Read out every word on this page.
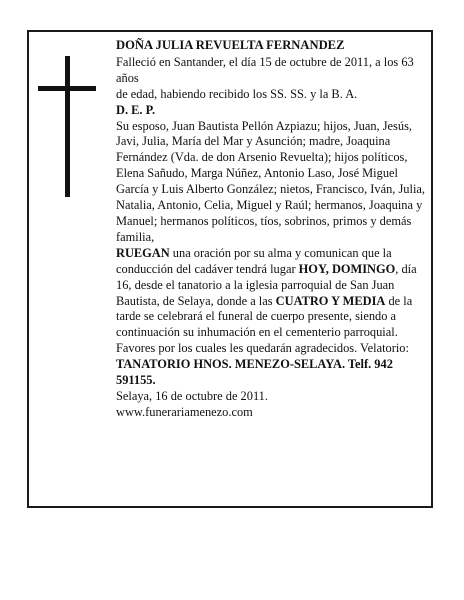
DOÑA JULIA REVUELTA FERNANDEZ

Falleció en Santander, el día 15 de octubre de 2011, a los 63 años

de edad, habiendo recibido los SS. SS. y la B. A.

D. E. P.

Su esposo, Juan Bautista Pellón Azpiazu; hijos, Juan, Jesús, Javi, Julia, María del Mar y Asunción; madre, Joaquina Fernández (Vda. de don Arsenio Revuelta); hijos políticos, Elena Sañudo, Marga Núñez, Antonio Laso, José Miguel García y Luis Alberto González; nietos, Francisco, Iván, Julia, Natalia, Antonio, Celia, Miguel y Raúl; hermanos, Joaquina y Manuel; hermanos políticos, tíos, sobrinos, primos y demás familia,

RUEGAN una oración por su alma y comunican que la conducción del cadáver tendrá lugar HOY, DOMINGO, día 16, desde el tanatorio a la iglesia parroquial de San Juan Bautista, de Selaya, donde a las CUATRO Y MEDIA de la tarde se celebrará el funeral de cuerpo presente, siendo a continuación su inhumación en el cementerio parroquial. Favores por los cuales les quedarán agradecidos. Velatorio: TANATORIO HNOS. MENEZO-SELAYA. Telf. 942 591155.

Selaya, 16 de octubre de 2011.

www.funerariamenezo.com
